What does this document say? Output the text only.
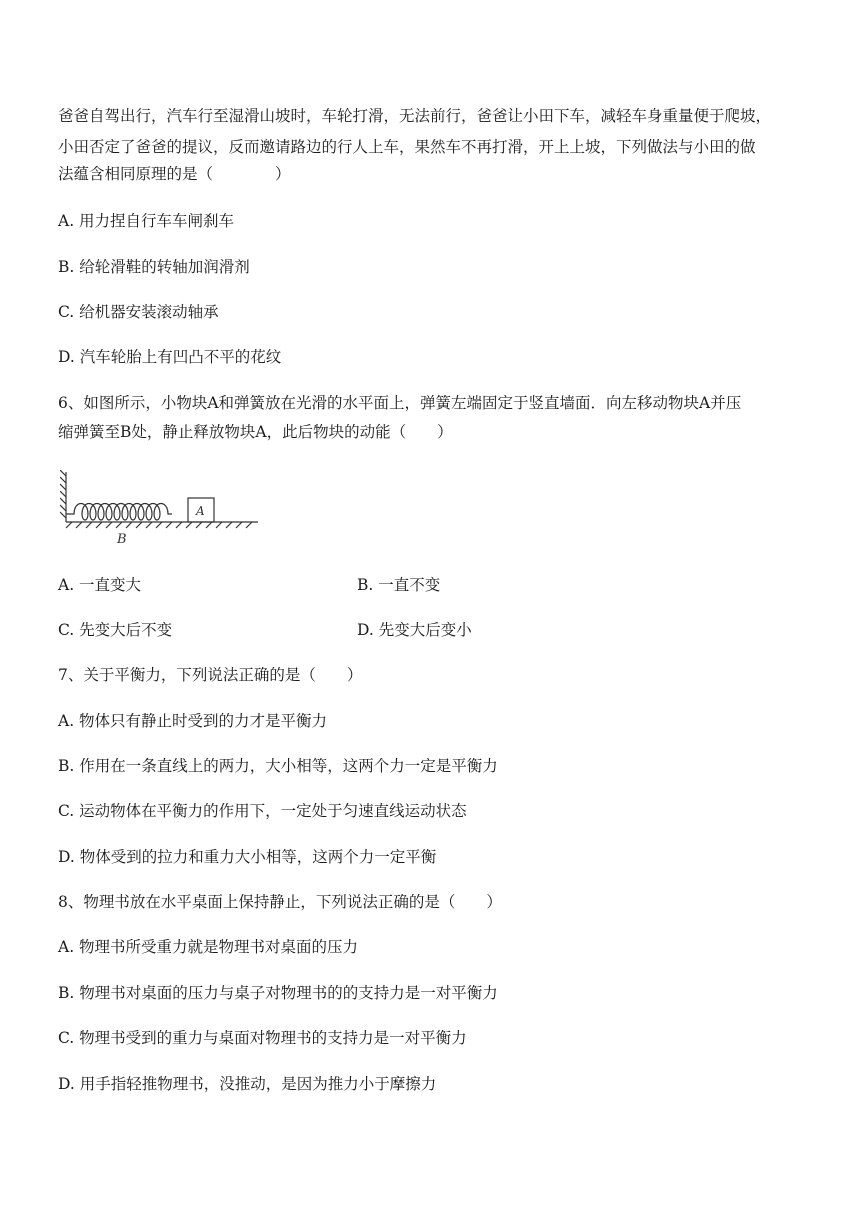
爸爸自驾出行，汽车行至湿滑山坡时，车轮打滑，无法前行，爸爸让小田下车，减轻车身重量便于爬坡，
小田否定了爸爸的提议，反而邀请路边的行人上车，果然车不再打滑，开上上坡，下列做法与小田的做
法蕴含相同原理的是（　　　　）
A. 用力捏自行车车闸刹车
B. 给轮滑鞋的转轴加润滑剂
C. 给机器安装滚动轴承
D. 汽车轮胎上有凹凸不平的花纹
6、如图所示，小物块A和弹簧放在光滑的水平面上，弹簧左端固定于竖直墙面．向左移动物块A并压
缩弹簧至B处，静止释放物块A，此后物块的动能（　　）
A
B
A. 一直变大	B. 一直不变
C. 先变大后不变	D. 先变大后变小
7、关于平衡力，下列说法正确的是（　　）
A. 物体只有静止时受到的力才是平衡力
B. 作用在一条直线上的两力，大小相等，这两个力一定是平衡力
C. 运动物体在平衡力的作用下，一定处于匀速直线运动状态
D. 物体受到的拉力和重力大小相等，这两个力一定平衡
8、物理书放在水平桌面上保持静止，下列说法正确的是（　　）
A. 物理书所受重力就是物理书对桌面的压力
B. 物理书对桌面的压力与桌子对物理书的的支持力是一对平衡力
C. 物理书受到的重力与桌面对物理书的支持力是一对平衡力
D. 用手指轻推物理书，没推动，是因为推力小于摩擦力
